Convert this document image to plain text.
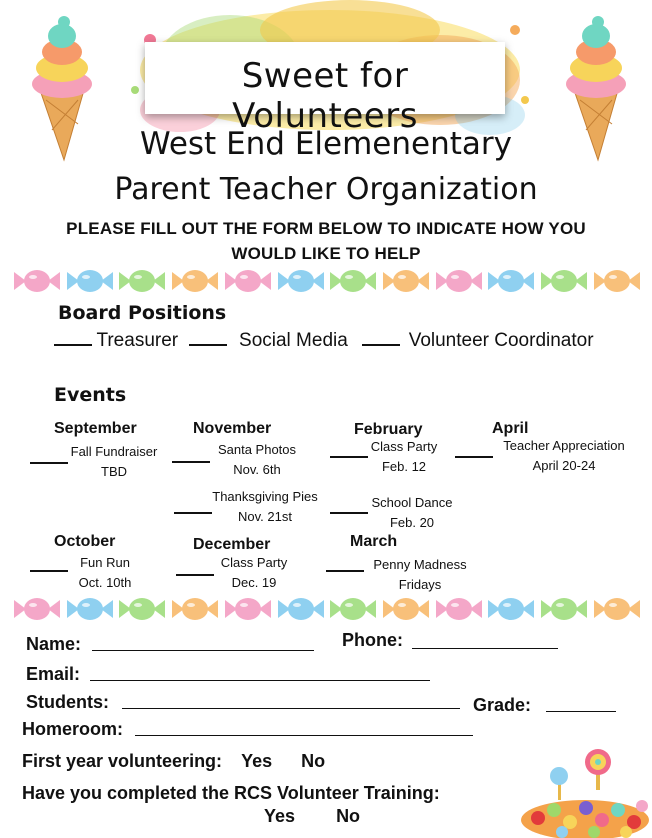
Sweet for Volunteers
West End Elemenentary
Parent Teacher Organization
PLEASE FILL OUT THE FORM BELOW TO INDICATE HOW YOU
WOULD LIKE TO HELP
Board Positions
Treasurer	Social Media	Volunteer Coordinator
Events
September
Fall Fundraiser
TBD
November
Santa Photos
Nov. 6th
Thanksgiving Pies
Nov. 21st
February
Class Party
Feb. 12
School Dance
Feb. 20
April
Teacher Appreciation
April 20-24
October
Fun Run
Oct. 10th
December
Class Party
Dec. 19
March
Penny Madness
Fridays
Name:	Phone:
Email:
Students:	Grade:
Homeroom:
First year volunteering: Yes No
Have you completed the RCS Volunteer Training:
Yes No
